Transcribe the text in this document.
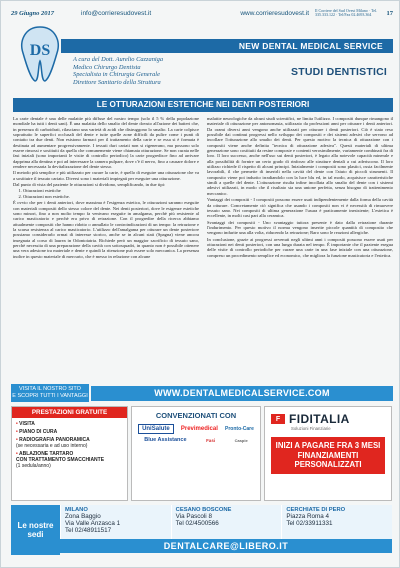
29 Giugno 2017	info@corrieresudovest.it	www.corrieresudovest.it Il Corriere del Sud Ovest Milano · Tel. 335.333.122 · Tel/Fax 02.4693.364	17
DS	NEW DENTAL MEDICAL SERVICE
A cura del Dott. Aurelio Cazzaniga
Medico Chirurgo Dentista
Specialista in Chirurgia Generale
Direttore Sanitario della Struttura
STUDI DENTISTICI
LE OTTURAZIONI ESTETICHE NEI DENTI POSTERIORI

La carie dentale è una delle malattie più diffuse del nostro tempo (solo il 5 % della popolazione mondiale ha tutti i denti sani). È una malattia dello smalto del dente dovuto all'azione dei batteri che, in presenza di carboidrati, rilasciano una varietà di acidi che distruggono lo smalto. La carie colpisce soprattutto le superfici occlusali del dente e tutte quelle zone difficili da pulire come i punti di contatto tra due denti. Non esistono farmaci per il trattamento della carie e se essa si è formata è destinata ad aumentare progressivamente. I tessuti duri cariati non si rigenerano, ma possono solo essere rimossi e sostituiti da quella che comunemente viene chiamata otturazione. Se non curata nelle fasi iniziali (sono importanti le visite di controllo periodico) la carie progredisce fino ad arrivare dapprima alla dentina e poi ad interessare la camera pulpare, dove c'è il nervo, fino a causare dolore e rendere necessaria la devitalizzazione del dente stesso.

Il metodo più semplice e più utilizzato per curare la carie, è quello di eseguire una otturazione che va a sostituire il tessuto cariato. Diversi sono i materiali impiegati per eseguire una otturazione.

Dal punto di vista del paziente le otturazioni si dividono, semplificando, in due tipi:

1. Otturazioni estetiche
2. Otturazioni non estetiche.

È ovvio che per i denti anteriori, dove massima è l'esigenza estetica, le otturazioni saranno eseguite con materiali compositi dello stesso colore del dente. Nei denti posteriori, dove le esigenze estetiche sono minori, fino a non molto tempo fa venivano eseguite in amalgama, perchè più resistente al carico masticatorio e perchè era privo di retrazione. Con il progredire della ricerca abbiamo attualmente compositi che hanno ridotto o annullato le controindicazioni di un tempo: la retrazione e la scarsa resistenza al carico masticatorio. L'utilizzo dell'amalgama per otturare un dente posteriore possiamo considerarlo ormai di interesse storico, anche se in alcuni stati (Spagna) viene ancora insegnata al corso di laurea in Odontoiatria. Richiede però un maggior sacrificio di tessuto sano, perchè necessita di una preparazione della cavità con sottosquadri, in quanto non è possibile ottenere una vera adesione tra materiale e dente e quindi la ritenzione può essere solo meccanica. La presenza inoltre in questo materiale di mercurio, che è messo in relazione con alcune

malattie neurologiche da alcuni studi scientifici, ne limita l'utilizzo. I compositi dunque rimangono il materiale di otturazione per antonomasia, utilizzato da professioni anni per otturare i denti anteriori. Da orami diversi anni vengono anche utilizzati per otturare i denti posteriori. Ciò è stato reso possibile dai continui progressi nello sviluppo dei compositi e dei sistemi adesivi che servono ad incollare l'otturazione allo smalto dei denti. Per questo motivo la tecnica di otturazione con i compositi viene anche definita "tecnica di otturazione adesiva". Questi materiali di ultima generazione sono costituiti da resine composte e contenti verosimilmente, variamente combinati fra di loro. Il loro successo, anche nell'uso sui denti posteriori, è legato alla notevole capacità minerale e alla possibilità di fornire un certo grado di rinforzo alle strutture dentali a cui aderiscono. Il loro utilizzo richiede il rispetto di alcuni principi. Inizialmente i compositi sono plastici, ossia facilmente lavorabili, il che permette di inserirli nella cavità del dente con l'aiuto di piccoli strumenti. Il composito viene poi indurito irradiandolo con la luce blu ed, in tal modo, acquisisce caratteristiche simili a quelle del dente. L'otturazione risulta infine incollata allo smalto del dente con i sistemi adesivi utilizzati, in modo che il risultato sia una unione perfetta, senza bisogno di trattenimento meccanico.

Vantaggi dei compositi - I compositi possono essere usati indipendentemente dalla forma della cavità da otturare. Concretamente ciò significa che usando i compositi non vi è necessità di rimuovere tessuto sano. Nei compositi di ultima generazione l'usura è praticamente inesistente; L'estetica è eccellente, in molti casi pari alla ceramica.

Svantaggi dei compositi - Uno svantaggio tuttora presente è dato dalla retrazione durante l'indurimento. Per questo motivo il norma vengono inserite piccole quantità di composito che vengono indurite una alla volta, riducendo la retrazione; Raro sono le reazioni allergiche.

In conclusione, grazie ai progressi avvenuti negli ultimi anni i compositi possono essere usati per otturazioni nei denti posteriori, con una lunga durata nel tempo. È importante che il paziente esegua delle visite di controllo periodiche per curare una carie in una fase iniziale con una otturazione, compreso un procedimento semplice ed economico, che migliora la funzione masticatoria e l'estetica.

VISITA IL NOSTRO SITO
E SCOPRI TUTTI I VANTAGGI	WWW.DENTALMEDICALSERVICE.COM
PRESTAZIONI GRATUITE
• VISITA
• PIANO DI CURA
• RADIOGRAFIA PANORAMICA
(se necessaria e ad uso interno)
• ABLAZIONE TARTARO
CON TRATTAMENTO SMACCHIANTE
(1 sedula/anno)
CONVENZIONATI CON
UniSalute	Previmedical Pronto-Care
Blue Assistance	Fasi	Caspie
F FIDITALIA
Soluzioni Finanziarie
INIZI A PAGARE FRA 3 MESI FINANZIAMENTI PERSONALIZZATI
Le nostre sedi
MILANO
Zona Baggio
Via Valle Anzasca 1
Tel 02/48911517
CESANO BOSCONE
Via Pascoli 8
Tel 02/4500566
CERCHIATE DI PERO
Piazza Roma 4
Tel 02/33911331
DENTALCARE@LIBERO.IT
